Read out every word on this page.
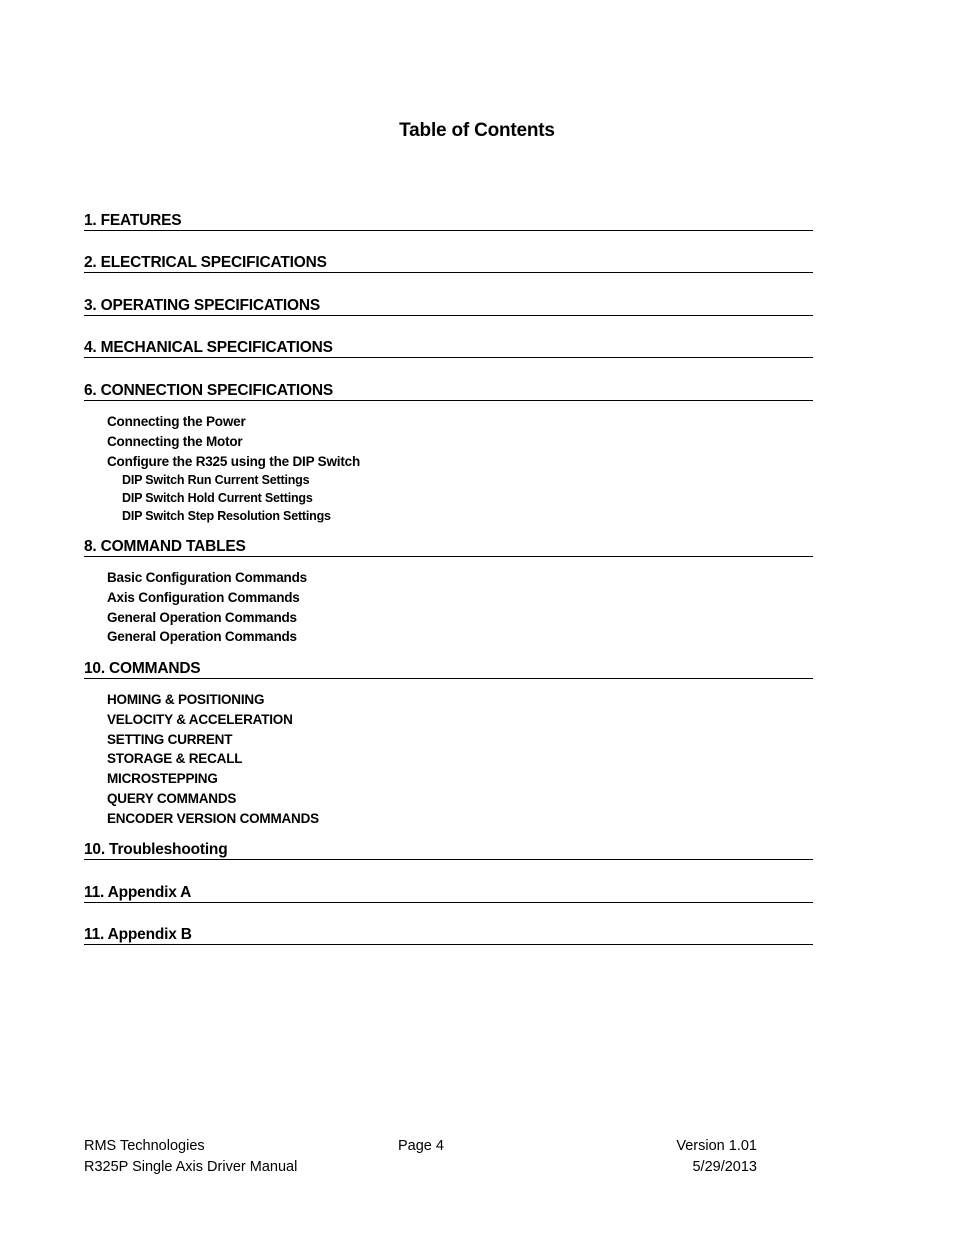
Table of Contents
1. FEATURES
2. ELECTRICAL SPECIFICATIONS
3. OPERATING SPECIFICATIONS
4. MECHANICAL SPECIFICATIONS
6. CONNECTION SPECIFICATIONS
Connecting the Power
Connecting the Motor
Configure the R325 using the DIP Switch
DIP Switch Run Current Settings
DIP Switch Hold Current Settings
DIP Switch Step Resolution Settings
8. COMMAND TABLES
Basic Configuration Commands
Axis Configuration Commands
General Operation Commands
General Operation Commands
10. COMMANDS
HOMING & POSITIONING
VELOCITY & ACCELERATION
SETTING CURRENT
STORAGE & RECALL
MICROSTEPPING
QUERY COMMANDS
ENCODER VERSION COMMANDS
10. Troubleshooting
11. Appendix A
11. Appendix B
RMS Technologies
R325P Single Axis Driver Manual
Page 4	Version 1.01
5/29/2013
